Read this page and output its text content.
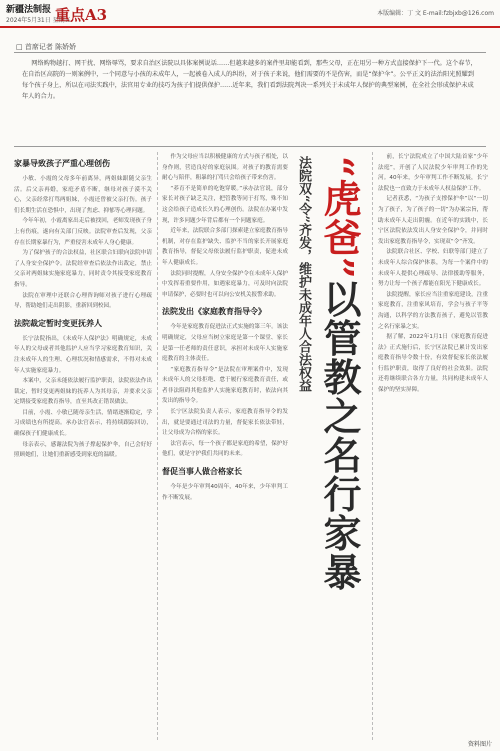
新疆法制报
2024年5月31日 星期五
重点A3	本版编辑：丁 文 E-mail:fzbjxb@126.com
□ 首席记者 陈娇娇

网络购物越打、网干扰、网络辱骂，要求自治区法院以具体案例说话……但越来越多的案件里却能看到，那些父母，正在用另一种方式直接保护下一代。这个春节，在自治区高院的一则案例中，一个同意与小孩的未成年人，一起被卷入成人的纠纷，对于孩子来说，他们需要的不是伤害，而是“保护伞”。公平正义的法治阳光照耀到每个孩子身上，所以在司法实践中，法官用专业的技巧为孩子们提供保护……近年来，我们看到法院判决一系列关于未成年人保护的典型案例，在全社会形成保护未成年人的合力。

家暴导致孩子严重心理创伤

小敏、小霞的父母多年前离异，两姐妹跟随父亲生活。后父亲再婚，家庭矛盾不断，继母对孩子漠不关心，父亲经常打骂两姐妹，小霞还曾被父亲打伤。孩子们长期生活在恐惧中，出现了焦虑、抑郁等心理问题。

今年年初，小霞离家出走后被找回，老师发现孩子身上有伤痕，遂向有关部门反映。法院审查后发现，父亲存在长期家暴行为，严重侵害未成年人身心健康。

为了保护孩子的合法权益，社区联合妇联向法院申请了人身安全保护令。法院经审查后依法作出裁定，禁止父亲对两姐妹实施家庭暴力，同时责令其接受家庭教育指导。

法院在审理中还联合心理咨询师对孩子进行心理疏导，帮助她们走出阴影，重新回到校园。

法院裁定暂时变更抚养人

长宁法院指出，《未成年人保护法》明确规定，未成年人的父母或者其他监护人应当学习家庭教育知识，关注未成年人的生理、心理状况和情感需求，不得对未成年人实施家庭暴力。

本案中，父亲未能依法履行监护职责，法院依法作出裁定，暂时变更两姐妹的抚养人为其母亲，并要求父亲定期接受家庭教育指导，直至其改正错误做法。

目前，小霞、小敏已随母亲生活，情绪逐渐稳定，学习成绩也有所提高。承办法官表示，将持续跟踪回访，确保孩子们健康成长。

母亲表示，感谢法院为孩子撑起保护伞，自己会好好照顾她们，让她们重新感受到家庭的温暖。

作为父母应当以积极健康的方式与孩子相处，以身作则，营造良好的家庭氛围。对孩子的教育需要耐心与陪伴，粗暴的打骂只会给孩子带来伤害。

“养育不是简单的吃饱穿暖。”承办法官说，部分家长对孩子缺乏关注，把管教等同于打骂，殊不知这会给孩子造成长久的心理创伤。法院在办案中发现，许多问题少年背后都有一个问题家庭。

近年来，法院联合多部门探索建立家庭教育指导机制，对存在监护缺失、监护不当的家长开展家庭教育指导，督促父母依法履行监护职责，促进未成年人健康成长。

法院同时提醒，人身安全保护令在未成年人保护中发挥着重要作用，如遇家庭暴力，可及时向法院申请保护，必要时也可以向公安机关报警求助。

法院发出《家庭教育指导令》

今年是家庭教育促进法正式实施的第三年。该法明确规定，父母应当树立家庭是第一个课堂、家长是第一任老师的责任意识，承担对未成年人实施家庭教育的主体责任。

“家庭教育指导令”是法院在审理案件中，发现未成年人的父母拒绝、怠于履行家庭教育责任，或者非法阻碍其他监护人实施家庭教育时，依法向其发出的指导令。

长宁区法院负责人表示，家庭教育指导令的发出，就是要通过司法的力量，督促家长依法带娃，让父母成为合格的家长。

法官表示，每一个孩子都是家庭的希望，保护好他们，就是守护我们共同的未来。

督促当事人做合格家长

今年是少年审判40周年，40年来，少年审判工作不断发展。

法院双“令”齐发，维护未成年人合法权益 “虎爸”以管教之名行家暴

前，长宁法院成立了中国大陆首家“少年法庭”，开创了人民法院少年审判工作的先河。40年来，少年审判工作不断发展，长宁法院也一直致力于未成年人权益保护工作。

记者获悉，“为孩子支撑保护伞”以“一切为了孩子，为了孩子的一切”为办案宗旨，帮助未成年人走出阴霾。在近年的实践中，长宁区法院依法发出人身安全保护令，并同时发出家庭教育指导令，实现双“令”齐发。

法院联合社区、学校、妇联等部门建立了未成年人综合保护体系，为每一个案件中的未成年人提供心理疏导、法律援助等服务，努力让每一个孩子都能在阳光下健康成长。

法院提醒，家长应当注重家庭建设，注重家庭教育，注重家风培育，学会与孩子平等沟通，以科学的方法教育孩子，避免以管教之名行家暴之实。

据了解，2022年1月1日《家庭教育促进法》正式施行后，长宁区法院已累计发出家庭教育指导令数十份，有效督促家长依法履行监护职责，取得了良好的社会效果。法院还将继续联合各方力量，共同构建未成年人保护的坚实屏障。

资料图片
